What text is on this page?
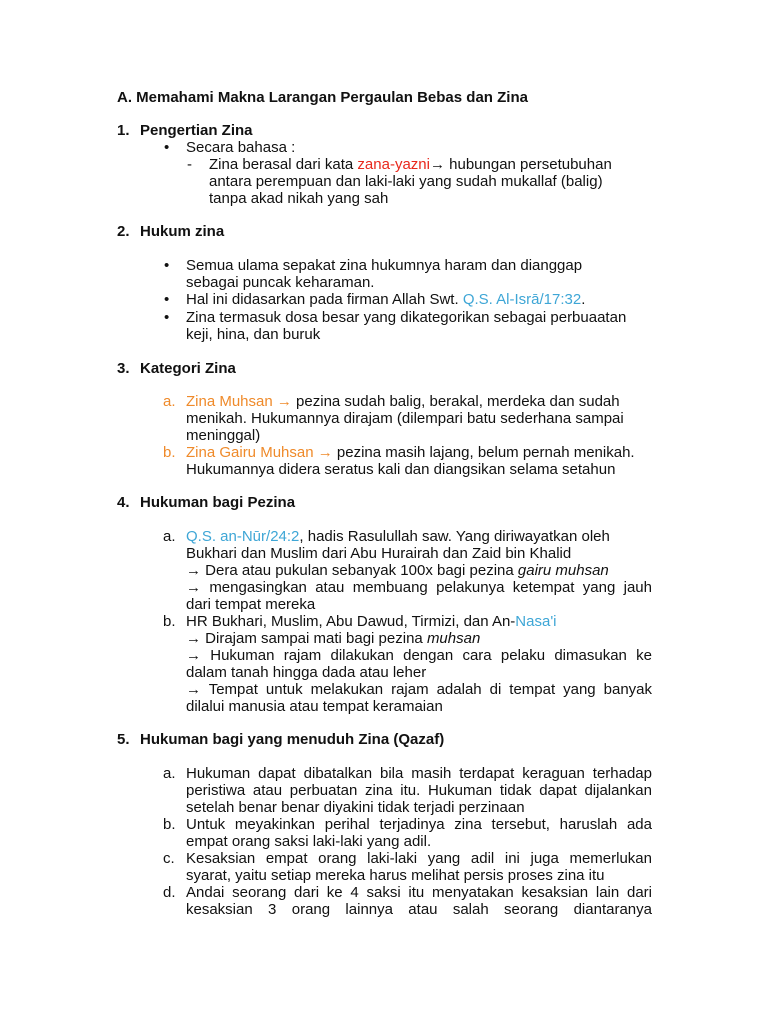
A. Memahami Makna Larangan Pergaulan Bebas dan Zina
1. Pengertian Zina
• Secara bahasa :
- Zina berasal dari kata zana-yazni→ hubungan persetubuhan
antara perempuan dan laki-laki yang sudah mukallaf (balig)
tanpa akad nikah yang sah
2. Hukum zina
• Semua ulama sepakat zina hukumnya haram dan dianggap
sebagai puncak keharaman.
• Hal ini didasarkan pada firman Allah Swt. Q.S. Al-Isrā/17:32.
• Zina termasuk dosa besar yang dikategorikan sebagai perbuaatan
keji, hina, dan buruk
3. Kategori Zina
a. Zina Muhsan → pezina sudah balig, berakal, merdeka dan sudah
menikah. Hukumannya dirajam (dilempari batu sederhana sampai
meninggal)
b. Zina Gairu Muhsan → pezina masih lajang, belum pernah menikah.
Hukumannya didera seratus kali dan diangsikan selama setahun
4. Hukuman bagi Pezina
a. Q.S. an-Nūr/24:2, hadis Rasulullah saw. Yang diriwayatkan oleh
Bukhari dan Muslim dari Abu Hurairah dan Zaid bin Khalid
→ Dera atau pukulan sebanyak 100x bagi pezina gairu muhsan
→ mengasingkan atau membuang pelakunya ketempat yang jauh
dari tempat mereka
b. HR Bukhari, Muslim, Abu Dawud, Tirmizi, dan An-Nasa'i
→ Dirajam sampai mati bagi pezina muhsan
→ Hukuman rajam dilakukan dengan cara pelaku dimasukan ke
dalam tanah hingga dada atau leher
→ Tempat untuk melakukan rajam adalah di tempat yang banyak
dilalui manusia atau tempat keramaian
5. Hukuman bagi yang menuduh Zina (Qazaf)
a. Hukuman dapat dibatalkan bila masih terdapat keraguan terhadap
peristiwa atau perbuatan zina itu. Hukuman tidak dapat dijalankan
setelah benar benar diyakini tidak terjadi perzinaan
b. Untuk meyakinkan perihal terjadinya zina tersebut, haruslah ada
empat orang saksi laki-laki yang adil.
c. Kesaksian empat orang laki-laki yang adil ini juga memerlukan
syarat, yaitu setiap mereka harus melihat persis proses zina itu
d. Andai seorang dari ke 4 saksi itu menyatakan kesaksian lain dari
kesaksian 3 orang lainnya atau salah seorang diantaranya
